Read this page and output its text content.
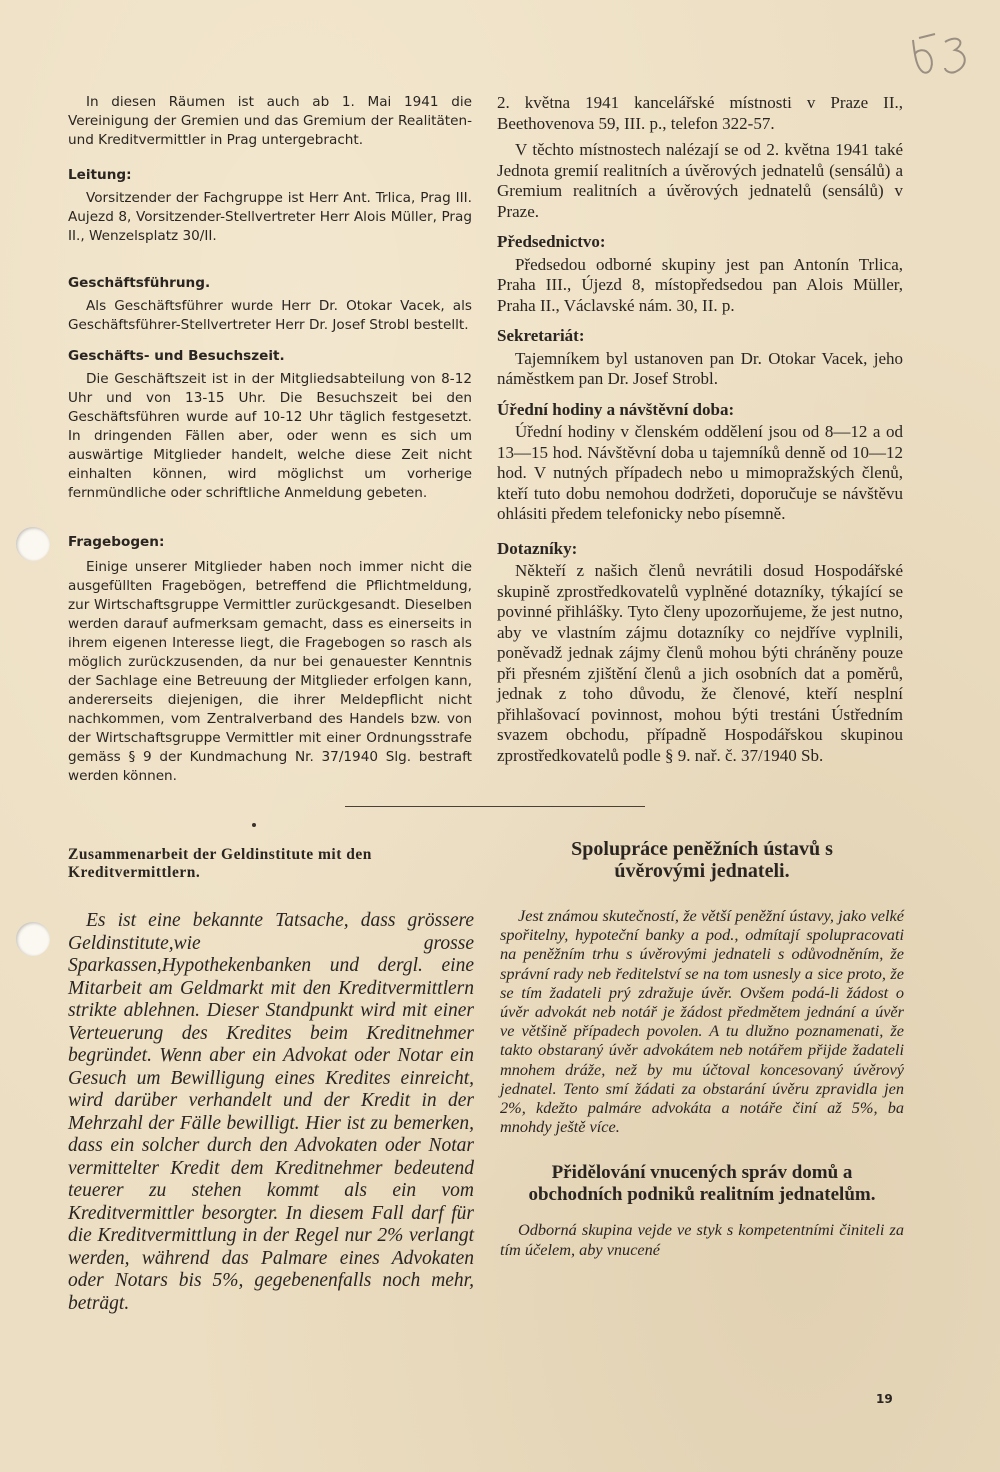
In diesen Räumen ist auch ab 1. Mai 1941 die Vereinigung der Gremien und das Gremium der Realitäten- und Kreditvermittler in Prag untergebracht.

Leitung:

Vorsitzender der Fachgruppe ist Herr Ant. Trlica, Prag III. Aujezd 8, Vorsitzender-Stellvertreter Herr Alois Müller, Prag II., Wenzelsplatz 30/II.

Geschäftsführung.

Als Geschäftsführer wurde Herr Dr. Otokar Vacek, als Geschäftsführer-Stellvertreter Herr Dr. Josef Strobl bestellt.

Geschäfts- und Besuchszeit.

Die Geschäftszeit ist in der Mitgliedsabteilung von 8-12 Uhr und von 13-15 Uhr. Die Besuchszeit bei den Geschäftsführen wurde auf 10-12 Uhr täglich festgesetzt. In dringenden Fällen aber, oder wenn es sich um auswärtige Mitglieder handelt, welche diese Zeit nicht einhalten können, wird möglichst um vorherige fernmündliche oder schriftliche Anmeldung gebeten.

Fragebogen:

Einige unserer Mitglieder haben noch immer nicht die ausgefüllten Fragebögen, betreffend die Pflichtmeldung, zur Wirtschaftsgruppe Vermittler zurückgesandt. Dieselben werden darauf aufmerksam gemacht, dass es einerseits in ihrem eigenen Interesse liegt, die Fragebogen so rasch als möglich zurückzusenden, da nur bei genauester Kenntnis der Sachlage eine Betreuung der Mitglieder erfolgen kann, andererseits diejenigen, die ihrer Meldepflicht nicht nachkommen, vom Zentralverband des Handels bzw. von der Wirtschaftsgruppe Vermittler mit einer Ordnungsstrafe gemäss § 9 der Kundmachung Nr. 37/1940 Slg. bestraft werden können.

2. května 1941 kancelářské místnosti v Praze II., Beethovenova 59, III. p., telefon 322-57.

V těchto místnostech nalézají se od 2. května 1941 také Jednota gremií realitních a úvěrových jednatelů (sensálů) a Gremium realitních a úvěrových jednatelů (sensálů) v Praze.

Předsednictvo:

Předsedou odborné skupiny jest pan Antonín Trlica, Praha III., Újezd 8, místopředsedou pan Alois Müller, Praha II., Václavské nám. 30, II. p.

Sekretariát:

Tajemníkem byl ustanoven pan Dr. Otokar Vacek, jeho náměstkem pan Dr. Josef Strobl.

Úřední hodiny a návštěvní doba:

Úřední hodiny v členském oddělení jsou od 8—12 a od 13—15 hod. Návštěvní doba u tajemníků denně od 10—12 hod. V nutných případech nebo u mimopražských členů, kteří tuto dobu nemohou dodržeti, doporučuje se návštěvu ohlásiti předem telefonicky nebo písemně.

Dotazníky:

Někteří z našich členů nevrátili dosud Hospodářské skupině zprostředkovatelů vyplněné dotazníky, týkající se povinné přihlášky. Tyto členy upozorňujeme, že jest nutno, aby ve vlastním zájmu dotazníky co nejdříve vyplnili, poněvadž jednak zájmy členů mohou býti chráněny pouze při přesném zjištění členů a jich osobních dat a poměrů, jednak z toho důvodu, že členové, kteří nesplní přihlašovací povinnost, mohou býti trestáni Ústředním svazem obchodu, případně Hospodářskou skupinou zprostředkovatelů podle § 9. nař. č. 37/1940 Sb.

Zusammenarbeit der Geldinstitute mit den Kreditvermittlern.

Es ist eine bekannte Tatsache, dass grössere Geldinstitute,wie grosse Sparkassen,Hypothekenbanken und dergl. eine Mitarbeit am Geldmarkt mit den Kreditvermittlern strikte ablehnen. Dieser Standpunkt wird mit einer Verteuerung des Kredites beim Kreditnehmer begründet. Wenn aber ein Advokat oder Notar ein Gesuch um Bewilligung eines Kredites einreicht, wird darüber verhandelt und der Kredit in der Mehrzahl der Fälle bewilligt. Hier ist zu bemerken, dass ein solcher durch den Advokaten oder Notar vermittelter Kredit dem Kreditnehmer bedeutend teuerer zu stehen kommt als ein vom Kreditvermittler besorgter. In diesem Fall darf für die Kreditvermittlung in der Regel nur 2% verlangt werden, während das Palmare eines Advokaten oder Notars bis 5%, gegebenenfalls noch mehr, beträgt.

Spolupráce peněžních ústavů s úvěrovými jednateli.

Jest známou skutečností, že větší peněžní ústavy, jako velké spořitelny, hypoteční banky a pod., odmítají spolupracovati na peněžním trhu s úvěrovými jednateli s odůvodněním, že správní rady neb ředitelství se na tom usnesly a sice proto, že se tím žadateli prý zdražuje úvěr. Ovšem podá-li žádost o úvěr advokát neb notář je žádost předmětem jednání a úvěr ve většině případech povolen. A tu dlužno poznamenati, že takto obstaraný úvěr advokátem neb notářem přijde žadateli mnohem dráže, než by mu účtoval koncesovaný úvěrový jednatel. Tento smí žádati za obstarání úvěru zpravidla jen 2%, kdežto palmáre advokáta a notáře činí až 5%, ba mnohdy ještě více.

Přidělování vnucených správ domů a obchodních podniků realitním jednatelům.

Odborná skupina vejde ve styk s kompetentními činiteli za tím účelem, aby vnucené

19
